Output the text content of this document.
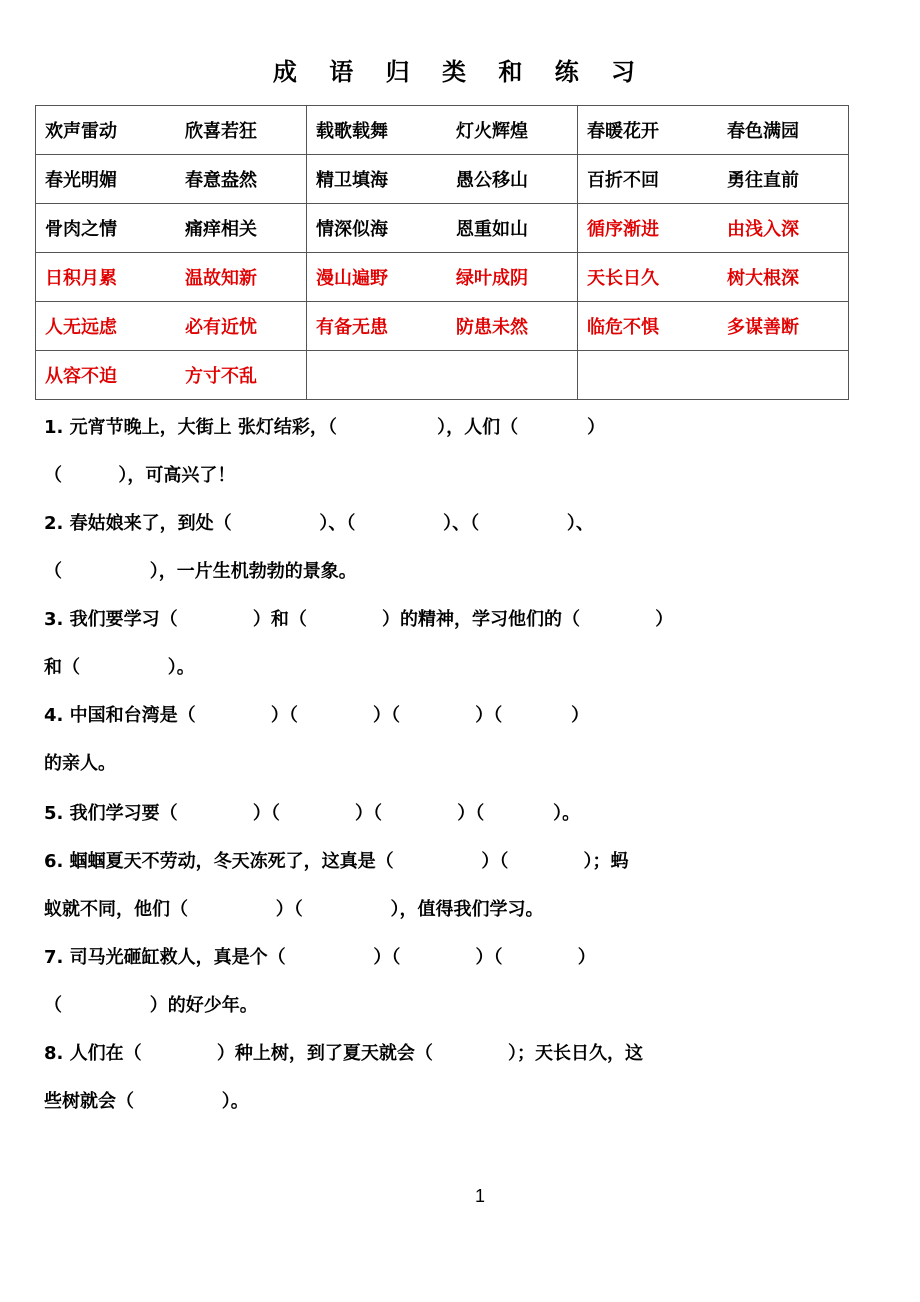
成 语 归 类 和 练 习
欢声雷动 欣喜若狂	载歌载舞 灯火辉煌	春暖花开 春色满园

春光明媚 春意盎然	精卫填海 愚公移山	百折不回 勇往直前

骨肉之情 痛痒相关	情深似海 恩重如山	循序渐进 由浅入深

日积月累 温故知新	漫山遍野 绿叶成阴	天长日久 树大根深

人无远虑 必有近忧	有备无患 防患未然	临危不惧 多谋善断

从容不迫 方寸不乱		

1. 元宵节晚上，大街上 张灯结彩，（                ），人们（           ）
（         ），可高兴了！
2. 春姑娘来了，到处（              ）、（              ）、（              ）、
（              ），一片生机勃勃的景象。
3. 我们要学习（            ）和（            ）的精神，学习他们的（            ）
和（              ）。
4. 中国和台湾是（            ）（            ）（            ）（           ）
的亲人。
5. 我们学习要（            ）（            ）（            ）（           ）。
6. 蝈蝈夏天不劳动，冬天冻死了，这真是（              ）（            ）；蚂
蚁就不同，他们（              ）（              ），值得我们学习。
7. 司马光砸缸救人，真是个（              ）（            ）（            ）
（              ）的好少年。
8. 人们在（            ）种上树，到了夏天就会（            ）；天长日久，这
些树就会（              ）。
1
